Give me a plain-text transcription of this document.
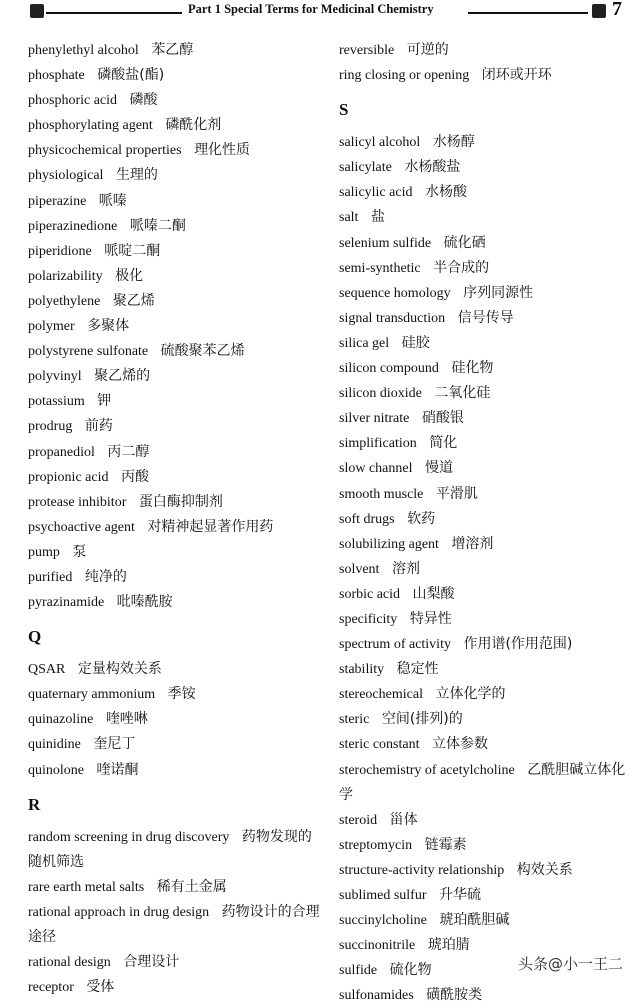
Part 1 Special Terms for Medicinal Chemistry	7
phenylethyl alcohol 苯乙醇
phosphate 磷酸盐(酯)
phosphoric acid 磷酸
phosphorylating agent 磷酰化剂
physicochemical properties 理化性质
physiological 生理的
piperazine 哌嗪
piperazinedione 哌嗪二酮
piperidione 哌啶二酮
polarizability 极化
polyethylene 聚乙烯
polymer 多聚体
polystyrene sulfonate 硫酸聚苯乙烯
polyvinyl 聚乙烯的
potassium 钾
prodrug 前药
propanediol 丙二醇
propionic acid 丙酸
protease inhibitor 蛋白酶抑制剂
psychoactive agent 对精神起显著作用药
pump 泵
purified 纯净的
pyrazinamide 吡嗪酰胺
Q
QSAR 定量构效关系
quaternary ammonium 季铵
quinazoline 喹唑啉
quinidine 奎尼丁
quinolone 喹诺酮
R
random screening in drug discovery 药物发现的随机筛选
rare earth metal salts 稀有土金属
rational approach in drug design 药物设计的合理途径
rational design 合理设计
receptor 受体
reversible 可逆的
ring closing or opening 闭环或开环
S
salicyl alcohol 水杨醇
salicylate 水杨酸盐
salicylic acid 水杨酸
salt 盐
selenium sulfide 硫化硒
semi-synthetic 半合成的
sequence homology 序列同源性
signal transduction 信号传导
silica gel 硅胶
silicon compound 硅化物
silicon dioxide 二氧化硅
silver nitrate 硝酸银
simplification 简化
slow channel 慢道
smooth muscle 平滑肌
soft drugs 软药
solubilizing agent 增溶剂
solvent 溶剂
sorbic acid 山梨酸
specificity 特异性
spectrum of activity 作用谱(作用范围)
stability 稳定性
stereochemical 立体化学的
steric 空间(排列)的
steric constant 立体参数
sterochemistry of acetylcholine 乙酰胆碱立体化学
steroid 甾体
streptomycin 链霉素
structure-activity relationship 构效关系
sublimed sulfur 升华硫
succinylcholine 琥珀酰胆碱
succinonitrile 琥珀腈
sulfide 硫化物
sulfonamides 磺酰胺类
头条@小一王二
